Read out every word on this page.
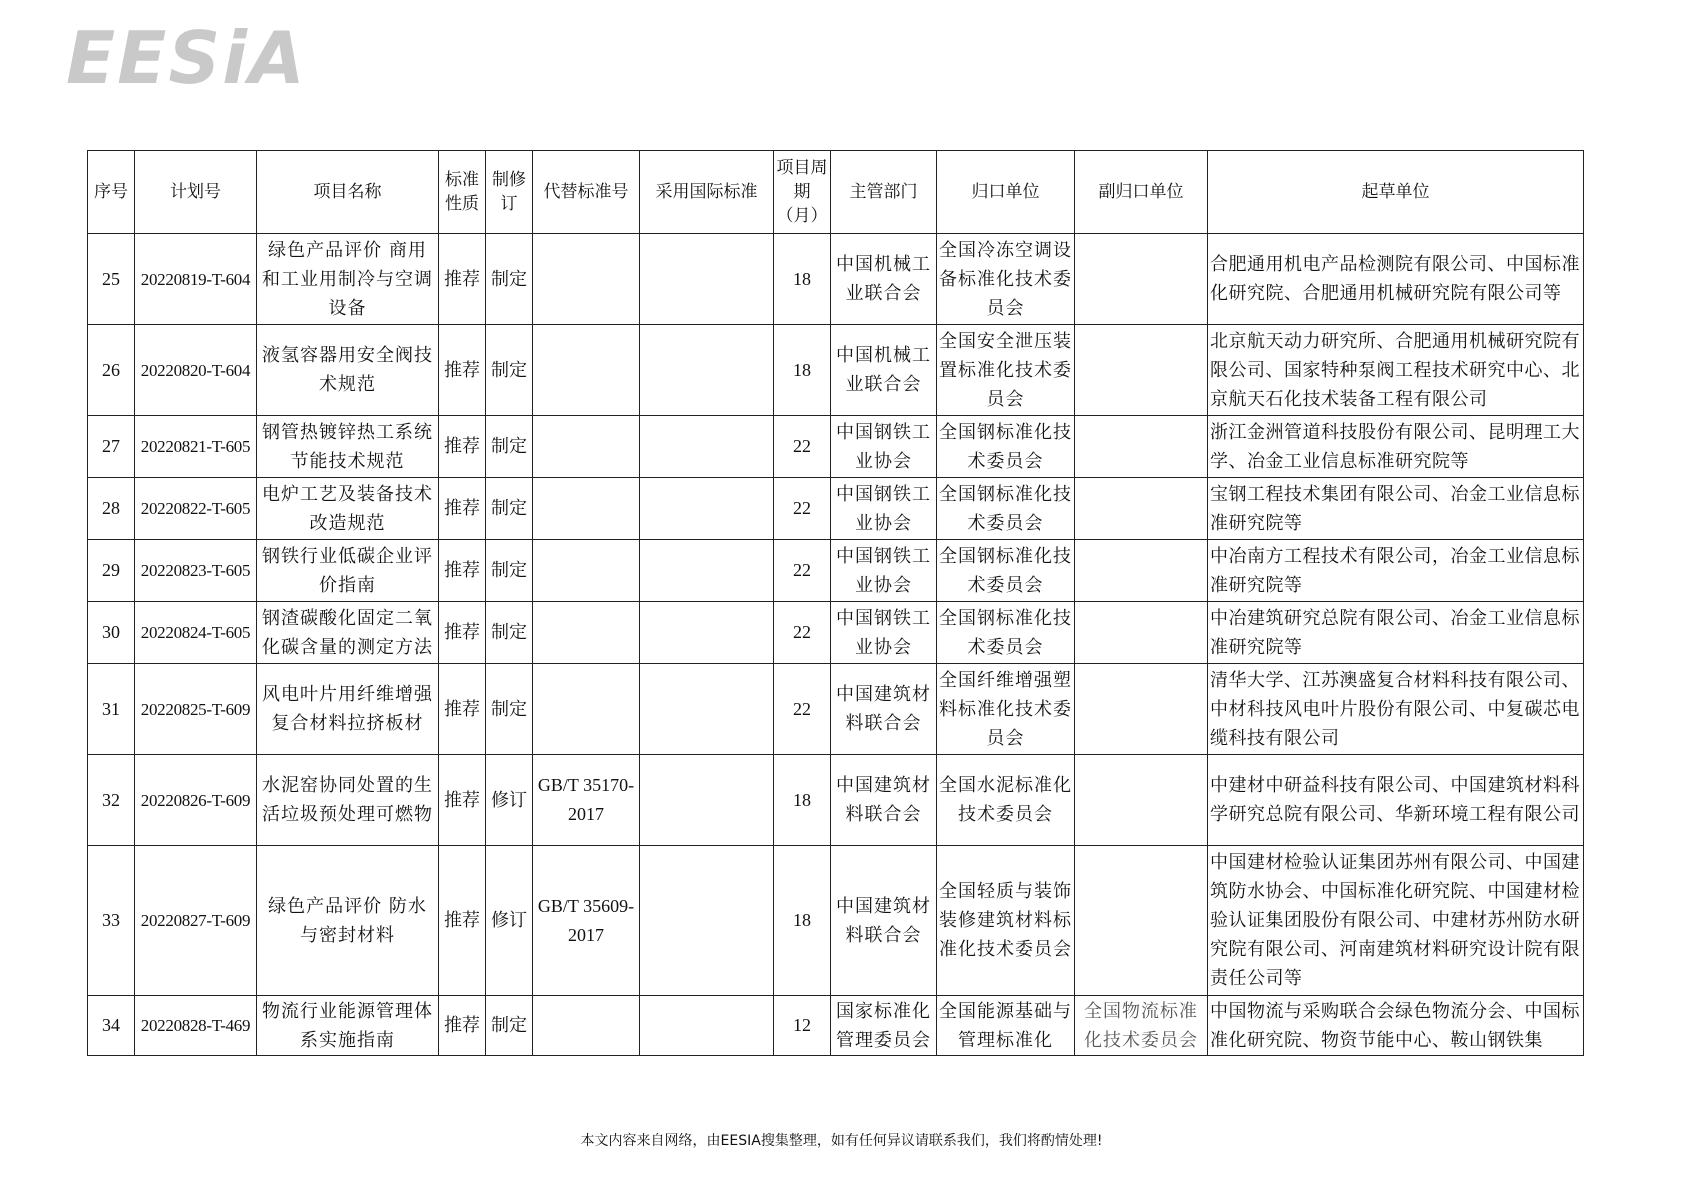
EESiA
序号	计划号	项目名称	标准性质	制修订	代替标准号	采用国际标准	项目周期（月）	主管部门	归口单位	副归口单位	起草单位
25	20220819-T-604	绿色产品评价 商用和工业用制冷与空调设备	推荐	制定			18	中国机械工业联合会	全国冷冻空调设备标准化技术委员会		合肥通用机电产品检测院有限公司、中国标准化研究院、合肥通用机械研究院有限公司等
26	20220820-T-604	液氢容器用安全阀技术规范	推荐	制定			18	中国机械工业联合会	全国安全泄压装置标准化技术委员会		北京航天动力研究所、合肥通用机械研究院有限公司、国家特种泵阀工程技术研究中心、北京航天石化技术装备工程有限公司
27	20220821-T-605	钢管热镀锌热工系统节能技术规范	推荐	制定			22	中国钢铁工业协会	全国钢标准化技术委员会		浙江金洲管道科技股份有限公司、昆明理工大学、冶金工业信息标准研究院等
28	20220822-T-605	电炉工艺及装备技术改造规范	推荐	制定			22	中国钢铁工业协会	全国钢标准化技术委员会		宝钢工程技术集团有限公司、冶金工业信息标准研究院等
29	20220823-T-605	钢铁行业低碳企业评价指南	推荐	制定			22	中国钢铁工业协会	全国钢标准化技术委员会		中冶南方工程技术有限公司，冶金工业信息标准研究院等
30	20220824-T-605	钢渣碳酸化固定二氧化碳含量的测定方法	推荐	制定			22	中国钢铁工业协会	全国钢标准化技术委员会		中冶建筑研究总院有限公司、冶金工业信息标准研究院等
31	20220825-T-609	风电叶片用纤维增强复合材料拉挤板材	推荐	制定			22	中国建筑材料联合会	全国纤维增强塑料标准化技术委员会		清华大学、江苏澳盛复合材料科技有限公司、中材科技风电叶片股份有限公司、中复碳芯电缆科技有限公司
32	20220826-T-609	水泥窑协同处置的生活垃圾预处理可燃物	推荐	修订	GB/T 35170-2017		18	中国建筑材料联合会	全国水泥标准化技术委员会		中建材中研益科技有限公司、中国建筑材料科学研究总院有限公司、华新环境工程有限公司
33	20220827-T-609	绿色产品评价 防水与密封材料	推荐	修订	GB/T 35609-2017		18	中国建筑材料联合会	全国轻质与装饰装修建筑材料标准化技术委员会		中国建材检验认证集团苏州有限公司、中国建筑防水协会、中国标准化研究院、中国建材检验认证集团股份有限公司、中建材苏州防水研究院有限公司、河南建筑材料研究设计院有限责任公司等
34	20220828-T-469	物流行业能源管理体系实施指南	推荐	制定			12	国家标准化管理委员会	全国能源基础与管理标准化	全国物流标准化技术委员会	中国物流与采购联合会绿色物流分会、中国标准化研究院、物资节能中心、鞍山钢铁集
本文内容来自网络，由EESIA搜集整理，如有任何异议请联系我们，我们将酌情处理!
